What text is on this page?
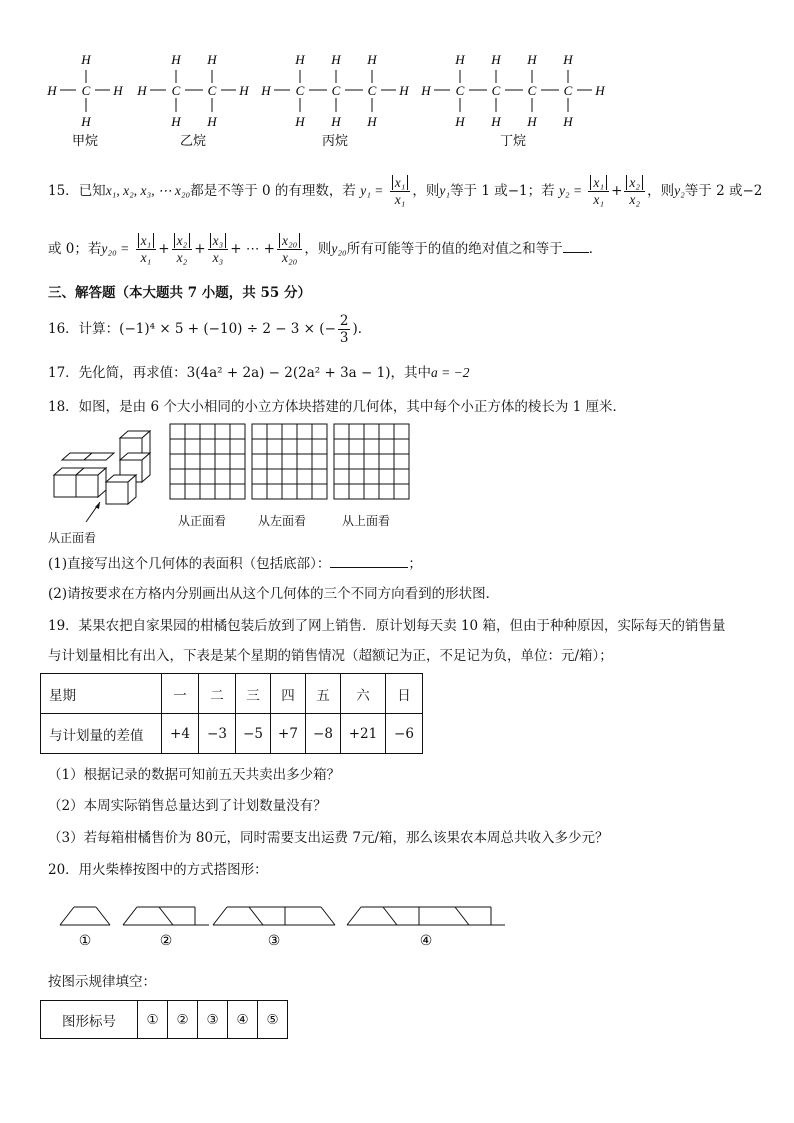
H C
H
H
H
甲烷
H C
H
H
C
H
H
H
乙烷
H C
H
H
C
H
H
C
H
H
H
丙烷
H C
H
H
C
H
H
C
H
H
C
H
H
H
丁烷
15．已知x₁, x₂, x₃, ⋯ x₂₀都是不等于 0 的有理数，若 $y_1 = \frac{\text{x₁}}{\text{x₁}}$ ，则y₁等于 1 或−1；若 $y_2 = \frac{\text{x₁}}{\text{x₁}} + \frac{\text{x₂}}{\text{x₂}}$ ，则y₂等于 2 或−2
或 0；若$y_{20} = \frac{\text{x₁}}{\text{x₁}} + \frac{\text{x₂}}{\text{x₂}} + \frac{\text{x₃}}{\text{x₃}}$ + ⋯ + $\frac{\text{x₂₀}}{\text{x₂₀}}$ ，则y₂₀所有可能等于的值的绝对值之和等于 ．
三、解答题（本大题共 7 小题，共 55 分）
16．计算：(−1)⁴ × 5 + (−10) ÷ 2 − 3 × (− $\frac{2}{3}$ )．
17．先化简，再求值：3(4a² + 2a) − 2(2a² + 3a − 1)，其中a = −2
18．如图，是由 6 个大小相同的小立方体块搭建的几何体，其中每个小正方体的棱长为 1 厘米．
从正面看
从正面看	从左面看	从上面看
(1)直接写出这个几何体的表面积（包括底部）：	；
(2)请按要求在方格内分别画出从这个几何体的三个不同方向看到的形状图．
19．某果农把自家果园的柑橘包装后放到了网上销售．原计划每天卖 10 箱，但由于种种原因，实际每天的销售量
与计划量相比有出入，下表是某个星期的销售情况（超额记为正，不足记为负，单位：元/箱）；
星期	一	二	三	四	五	六	日
与计划量的差值	+4	−3	−5	+7	−8	+21	−6
（1）根据记录的数据可知前五天共卖出多少箱？
（2）本周实际销售总量达到了计划数量没有？
（3）若每箱柑橘售价为 80元，同时需要支出运费 7元/箱，那么该果农本周总共收入多少元？
20．用火柴棒按图中的方式搭图形：
①	②	③	④
按图示规律填空：
图形标号	①	②	③	④	⑤
